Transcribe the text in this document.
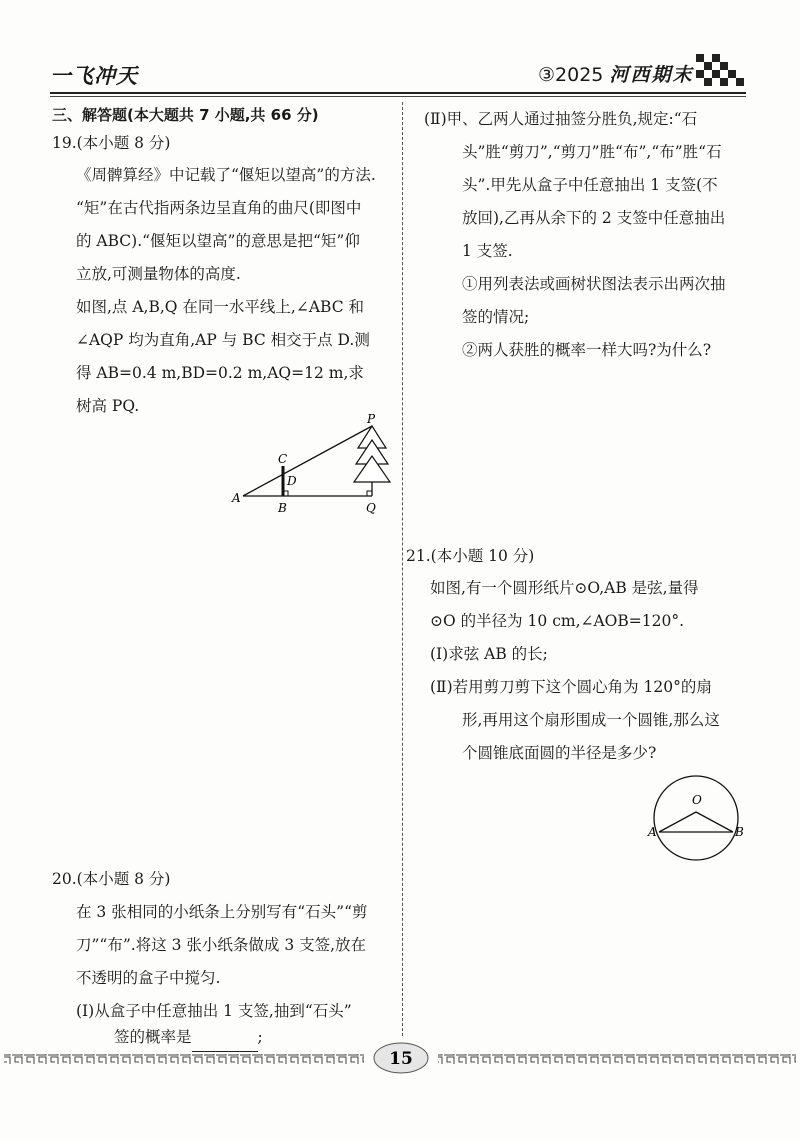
一飞冲天	③2025 河西期末
三、解答题(本大题共 7 小题,共 66 分)
19.(本小题 8 分)
《周髀算经》中记载了“偃矩以望高”的方法.
“矩”在古代指两条边呈直角的曲尺(即图中
的 ABC).“偃矩以望高”的意思是把“矩”仰
立放,可测量物体的高度.
如图,点 A,B,Q 在同一水平线上,∠ABC 和
∠AQP 均为直角,AP 与 BC 相交于点 D.测
得 AB=0.4 m,BD=0.2 m,AQ=12 m,求
树高 PQ.
A
B
C
D
P
Q
20.(本小题 8 分)
在 3 张相同的小纸条上分别写有“石头”“剪
刀”“布”.将这 3 张小纸条做成 3 支签,放在
不透明的盒子中搅匀.
(Ⅰ)从盒子中任意抽出 1 支签,抽到“石头”
签的概率是	;
(Ⅱ)甲、乙两人通过抽签分胜负,规定:“石
头”胜“剪刀”,“剪刀”胜“布”,“布”胜“石
头”.甲先从盒子中任意抽出 1 支签(不
放回),乙再从余下的 2 支签中任意抽出
1 支签.
①用列表法或画树状图法表示出两次抽
签的情况;
②两人获胜的概率一样大吗?为什么?
21.(本小题 10 分)
如图,有一个圆形纸片⊙O,AB 是弦,量得
⊙O 的半径为 10 cm,∠AOB=120°.
(Ⅰ)求弦 AB 的长;
(Ⅱ)若用剪刀剪下这个圆心角为 120°的扇
形,再用这个扇形围成一个圆锥,那么这
个圆锥底面圆的半径是多少?
O
A	B
15
